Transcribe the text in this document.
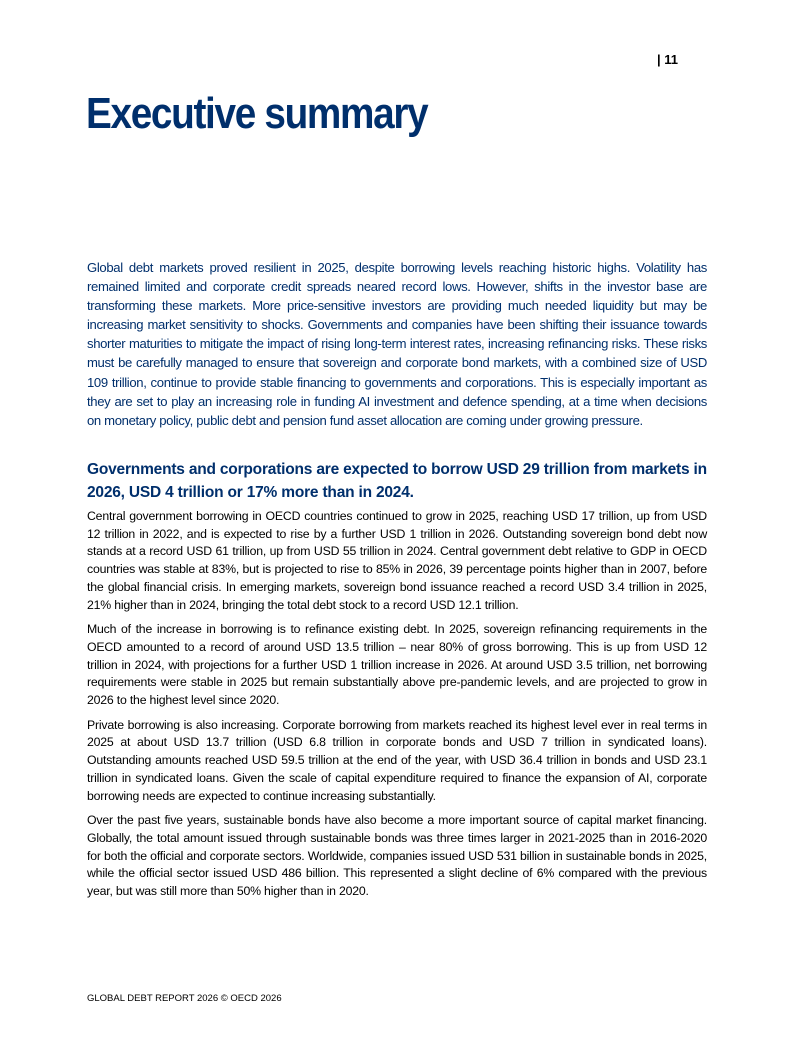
| 11
Executive summary

Global debt markets proved resilient in 2025, despite borrowing levels reaching historic highs. Volatility has remained limited and corporate credit spreads neared record lows. However, shifts in the investor base are transforming these markets. More price-sensitive investors are providing much needed liquidity but may be increasing market sensitivity to shocks. Governments and companies have been shifting their issuance towards shorter maturities to mitigate the impact of rising long-term interest rates, increasing refinancing risks. These risks must be carefully managed to ensure that sovereign and corporate bond markets, with a combined size of USD 109 trillion, continue to provide stable financing to governments and corporations. This is especially important as they are set to play an increasing role in funding AI investment and defence spending, at a time when decisions on monetary policy, public debt and pension fund asset allocation are coming under growing pressure.

Governments and corporations are expected to borrow USD 29 trillion from markets in 2026, USD 4 trillion or 17% more than in 2024.

Central government borrowing in OECD countries continued to grow in 2025, reaching USD 17 trillion, up from USD 12 trillion in 2022, and is expected to rise by a further USD 1 trillion in 2026. Outstanding sovereign bond debt now stands at a record USD 61 trillion, up from USD 55 trillion in 2024. Central government debt relative to GDP in OECD countries was stable at 83%, but is projected to rise to 85% in 2026, 39 percentage points higher than in 2007, before the global financial crisis. In emerging markets, sovereign bond issuance reached a record USD 3.4 trillion in 2025, 21% higher than in 2024, bringing the total debt stock to a record USD 12.1 trillion.

Much of the increase in borrowing is to refinance existing debt. In 2025, sovereign refinancing requirements in the OECD amounted to a record of around USD 13.5 trillion – near 80% of gross borrowing. This is up from USD 12 trillion in 2024, with projections for a further USD 1 trillion increase in 2026. At around USD 3.5 trillion, net borrowing requirements were stable in 2025 but remain substantially above pre-pandemic levels, and are projected to grow in 2026 to the highest level since 2020.

Private borrowing is also increasing. Corporate borrowing from markets reached its highest level ever in real terms in 2025 at about USD 13.7 trillion (USD 6.8 trillion in corporate bonds and USD 7 trillion in syndicated loans). Outstanding amounts reached USD 59.5 trillion at the end of the year, with USD 36.4 trillion in bonds and USD 23.1 trillion in syndicated loans. Given the scale of capital expenditure required to finance the expansion of AI, corporate borrowing needs are expected to continue increasing substantially.

Over the past five years, sustainable bonds have also become a more important source of capital market financing. Globally, the total amount issued through sustainable bonds was three times larger in 2021-2025 than in 2016-2020 for both the official and corporate sectors. Worldwide, companies issued USD 531 billion in sustainable bonds in 2025, while the official sector issued USD 486 billion. This represented a slight decline of 6% compared with the previous year, but was still more than 50% higher than in 2020.

GLOBAL DEBT REPORT 2026 © OECD 2026
